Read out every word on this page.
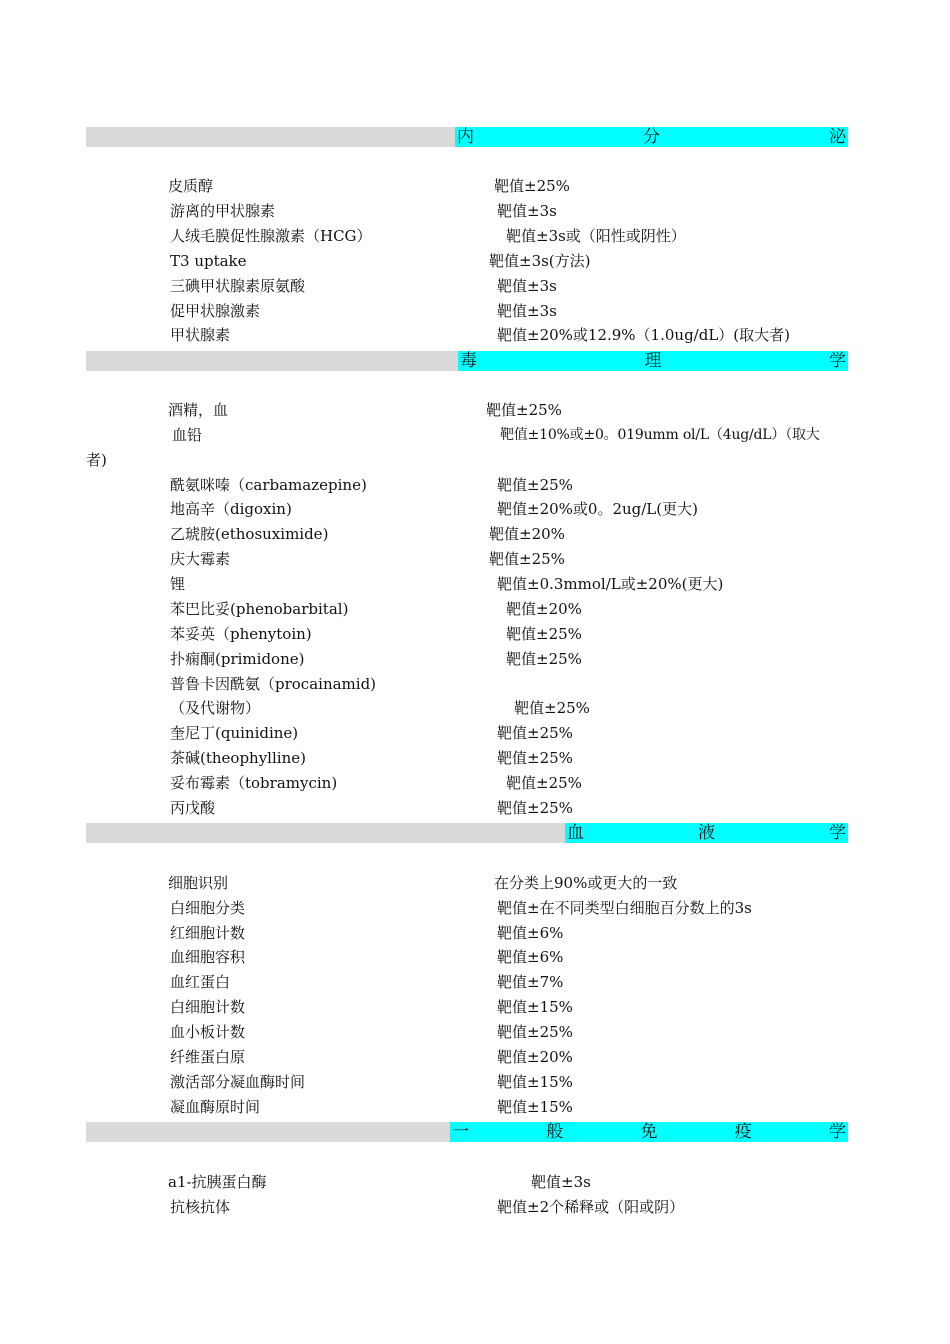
内	分	泌
皮质醇	靶值±25%
游离的甲状腺素	靶值±3s
人绒毛膜促性腺激素（HCG）	靶值±3s或（阳性或阴性）
T3 uptake	靶值±3s(方法)
三碘甲状腺素原氨酸	靶值±3s
促甲状腺激素	靶值±3s
甲状腺素	靶值±20%或12.9%（1.0ug/dL）(取大者)
毒	理	学
酒精，血	靶值±25%
血铅	靶值±10%或±0。019umm ol/L（4ug/dL）（取大
者)
酰氨咪嗪（carbamazepine)	靶值±25%
地高辛（digoxin)	靶值±20%或0。2ug/L(更大)
乙琥胺(ethosuximide)	靶值±20%
庆大霉素	靶值±25%
锂	靶值±0.3mmol/L或±20%(更大)
苯巴比妥(phenobarbital)	靶值±20%
苯妥英（phenytoin)	靶值±25%
扑痫酮(primidone)	靶值±25%
普鲁卡因酰氨（procainamid)
（及代谢物）	靶值±25%
奎尼丁(quinidine)	靶值±25%
茶碱(theophylline)	靶值±25%
妥布霉素（tobramycin)	靶值±25%
丙戊酸	靶值±25%
血	液	学
细胞识别	在分类上90%或更大的一致
白细胞分类	靶值±在不同类型白细胞百分数上的3s
红细胞计数	靶值±6%
血细胞容积	靶值±6%
血红蛋白	靶值±7%
白细胞计数	靶值±15%
血小板计数	靶值±25%
纤维蛋白原	靶值±20%
激活部分凝血酶时间	靶值±15%
凝血酶原时间	靶值±15%
一	般	免	疫	学
a1-抗胰蛋白酶	靶值±3s
抗核抗体	靶值±2个稀释或（阳或阴）
